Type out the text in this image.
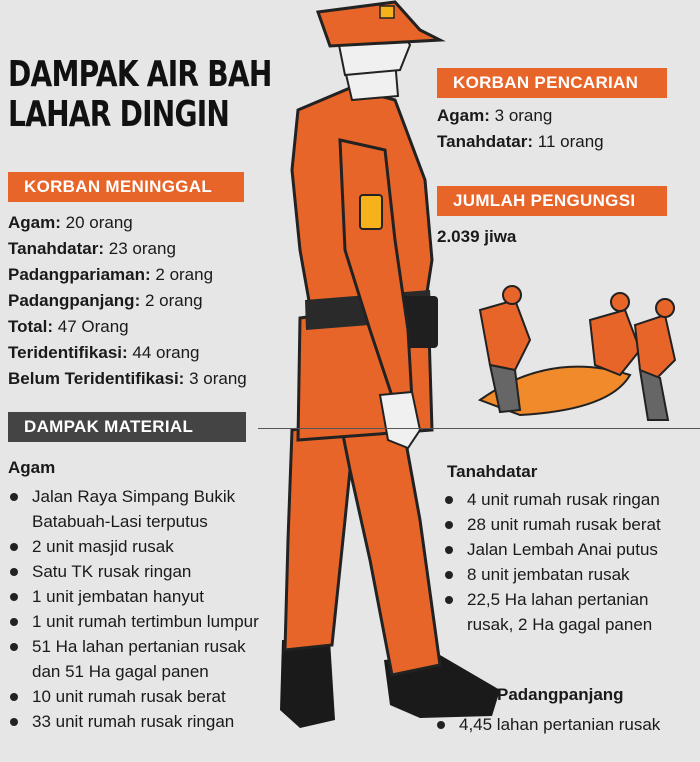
DAMPAK AIR BAH
LAHAR DINGIN
KORBAN MENINGGAL
Agam: 20 orang
Tanahdatar: 23 orang
Padangpariaman: 2 orang
Padangpanjang: 2 orang
Total: 47 Orang
Teridentifikasi: 44 orang
Belum Teridentifikasi: 3 orang
KORBAN PENCARIAN
Agam: 3 orang
Tanahdatar: 11 orang
JUMLAH PENGUNGSI
2.039 jiwa
DAMPAK MATERIAL
Agam
Jalan Raya Simpang Bukik
Batabuah-Lasi terputus
2 unit masjid rusak
Satu TK rusak ringan
1 unit jembatan hanyut
1 unit rumah tertimbun lumpur
51 Ha lahan pertanian rusak
dan 51 Ha gagal panen
10 unit rumah rusak berat
33 unit rumah rusak ringan
Tanahdatar
4 unit rumah rusak ringan
28 unit rumah rusak berat
Jalan Lembah Anai putus
8 unit jembatan rusak
22,5 Ha lahan pertanian
rusak, 2 Ha gagal panen
Padangpanjang
4,45 lahan pertanian rusak
